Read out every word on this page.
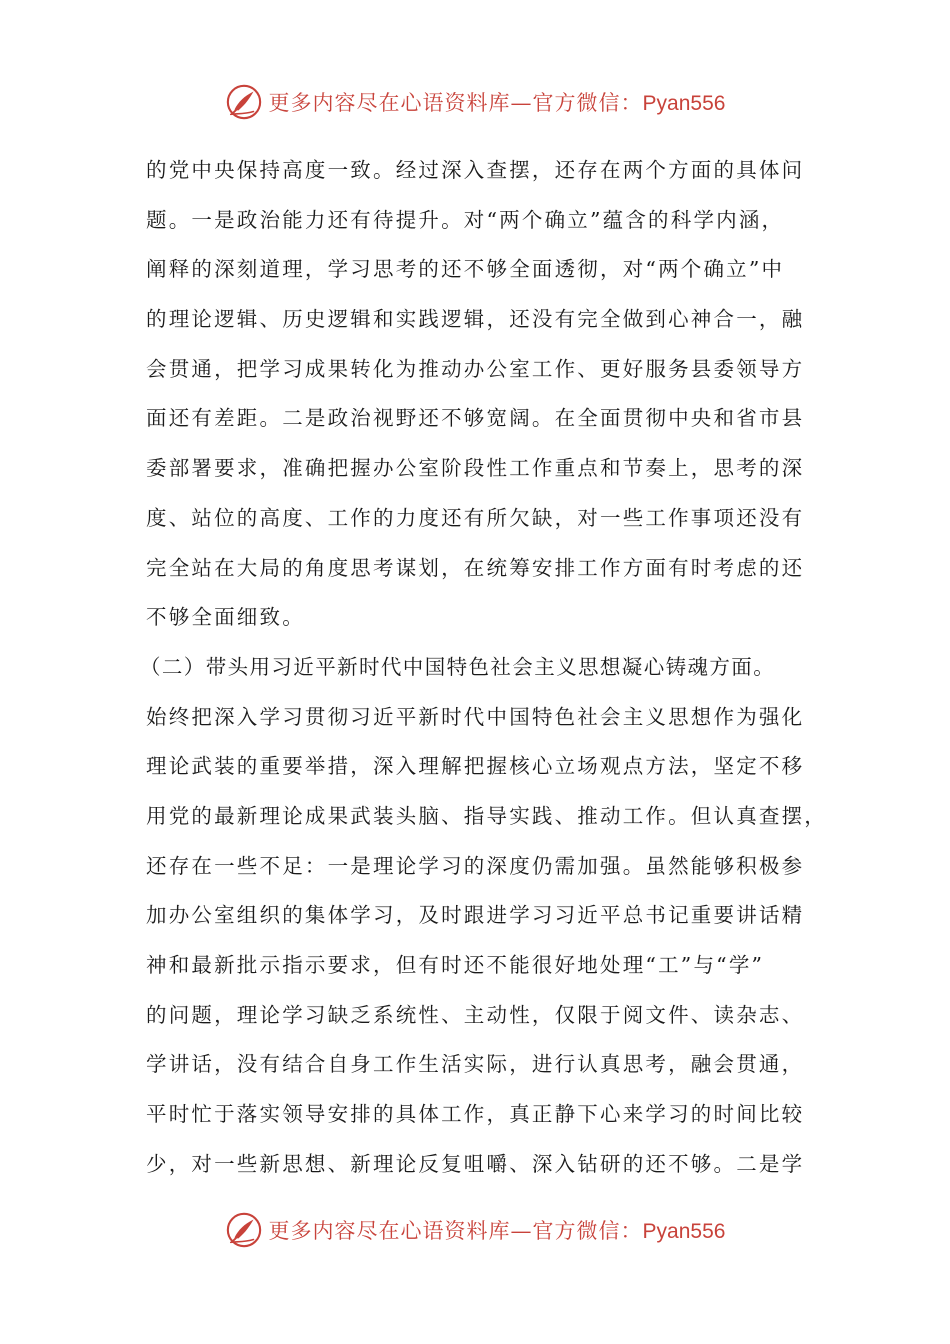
更多内容尽在心语资料库—官方微信：Pyan556
的党中央保持高度一致。经过深入查摆，还存在两个方面的具体问
题。一是政治能力还有待提升。对“两个确立”蕴含的科学内涵，
阐释的深刻道理，学习思考的还不够全面透彻，对“两个确立”中
的理论逻辑、历史逻辑和实践逻辑，还没有完全做到心神合一，融
会贯通，把学习成果转化为推动办公室工作、更好服务县委领导方
面还有差距。二是政治视野还不够宽阔。在全面贯彻中央和省市县
委部署要求，准确把握办公室阶段性工作重点和节奏上，思考的深
度、站位的高度、工作的力度还有所欠缺，对一些工作事项还没有
完全站在大局的角度思考谋划，在统筹安排工作方面有时考虑的还
不够全面细致。
（二）带头用习近平新时代中国特色社会主义思想凝心铸魂方面。
始终把深入学习贯彻习近平新时代中国特色社会主义思想作为强化
理论武装的重要举措，深入理解把握核心立场观点方法，坚定不移
用党的最新理论成果武装头脑、指导实践、推动工作。但认真查摆，
还存在一些不足：一是理论学习的深度仍需加强。虽然能够积极参
加办公室组织的集体学习，及时跟进学习习近平总书记重要讲话精
神和最新批示指示要求，但有时还不能很好地处理“工”与“学”
的问题，理论学习缺乏系统性、主动性，仅限于阅文件、读杂志、
学讲话，没有结合自身工作生活实际，进行认真思考，融会贯通，
平时忙于落实领导安排的具体工作，真正静下心来学习的时间比较
少，对一些新思想、新理论反复咀嚼、深入钻研的还不够。二是学
更多内容尽在心语资料库—官方微信：Pyan556
